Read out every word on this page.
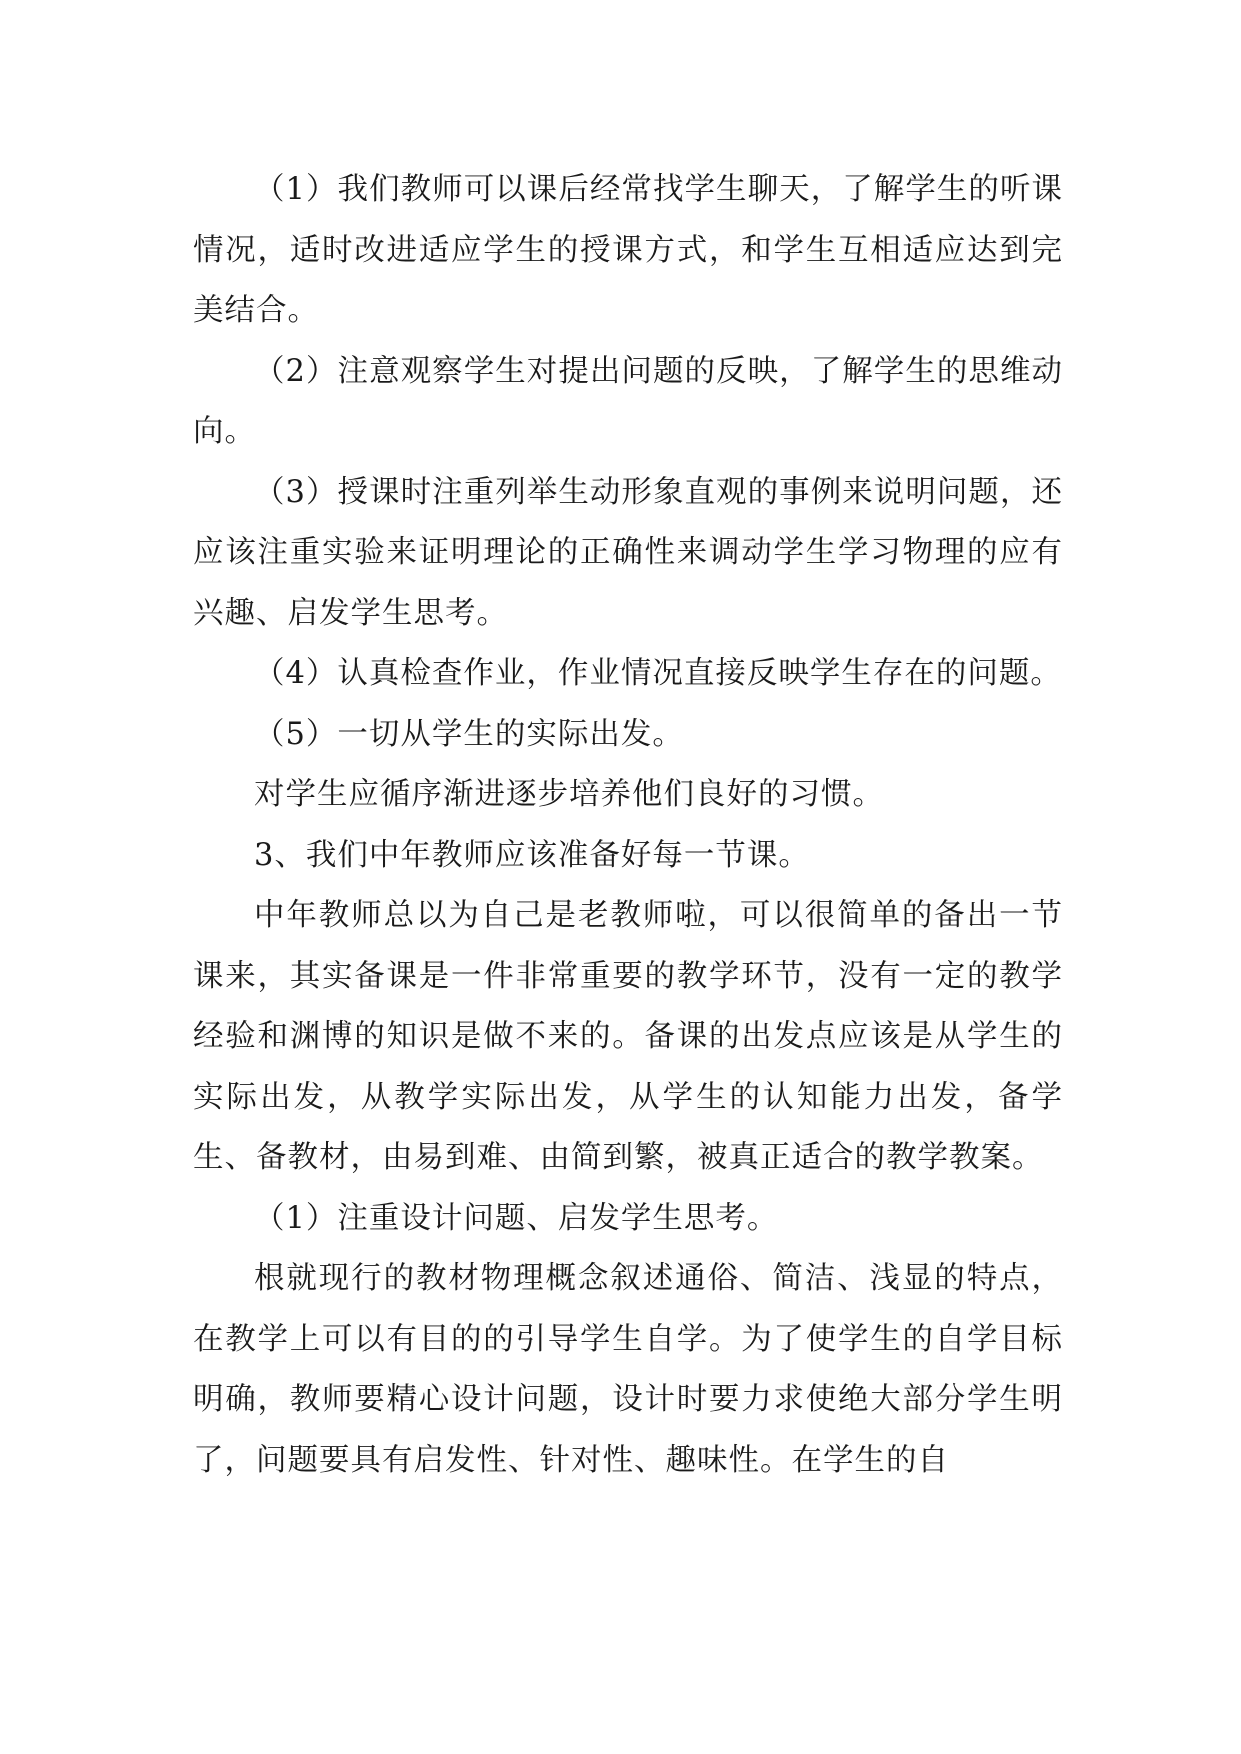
（1）我们教师可以课后经常找学生聊天，了解学生的听课情况，适时改进适应学生的授课方式，和学生互相适应达到完美结合。

（2）注意观察学生对提出问题的反映，了解学生的思维动向。

（3）授课时注重列举生动形象直观的事例来说明问题，还应该注重实验来证明理论的正确性来调动学生学习物理的应有兴趣、启发学生思考。

（4）认真检查作业，作业情况直接反映学生存在的问题。

（5）一切从学生的实际出发。

对学生应循序渐进逐步培养他们良好的习惯。

3、我们中年教师应该准备好每一节课。

中年教师总以为自己是老教师啦，可以很简单的备出一节课来，其实备课是一件非常重要的教学环节，没有一定的教学经验和渊博的知识是做不来的。备课的出发点应该是从学生的实际出发，从教学实际出发，从学生的认知能力出发，备学生、备教材，由易到难、由简到繁，被真正适合的教学教案。

（1）注重设计问题、启发学生思考。

根就现行的教材物理概念叙述通俗、简洁、浅显的特点，在教学上可以有目的的引导学生自学。为了使学生的自学目标明确，教师要精心设计问题，设计时要力求使绝大部分学生明了，问题要具有启发性、针对性、趣味性。在学生的自
